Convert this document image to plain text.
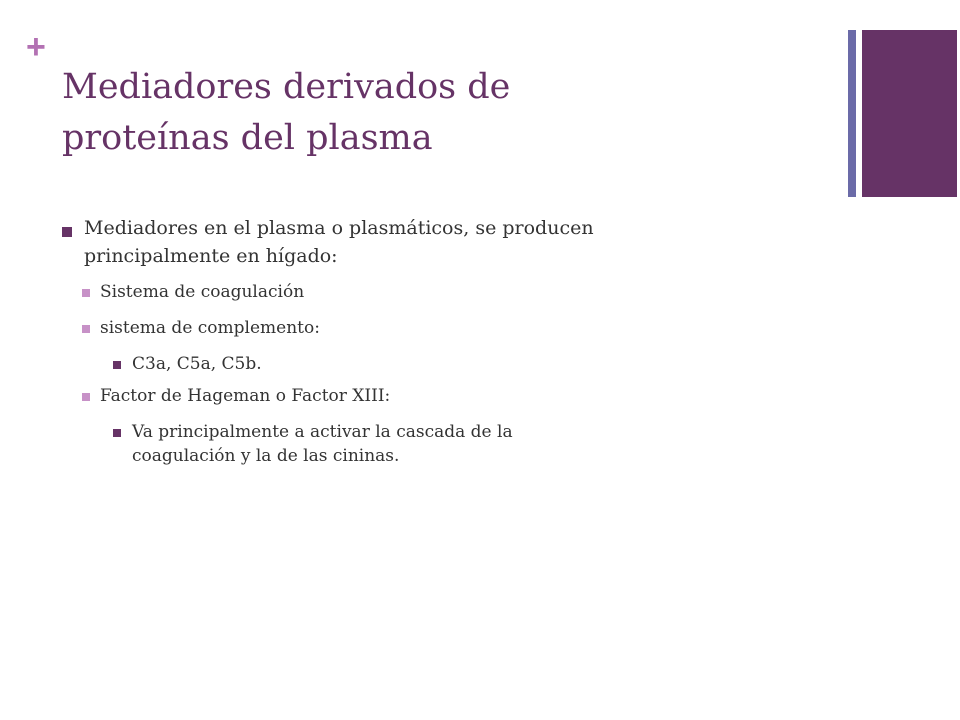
+
Mediadores derivados de
proteínas del plasma
Mediadores en el plasma o plasmáticos, se producen
principalmente en hígado:
Sistema de coagulación
sistema de complemento:
C3a, C5a, C5b.
Factor de Hageman o Factor XIII:
Va principalmente a activar la cascada de la
coagulación y la de las cininas.
